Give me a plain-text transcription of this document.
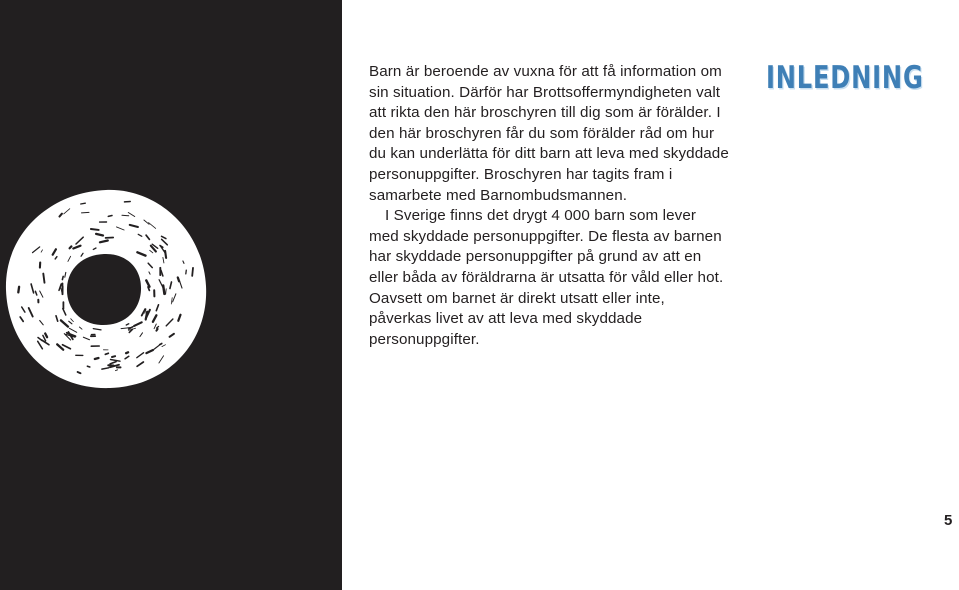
Barn är beroende av vuxna för att få information om sin situation. Därför har Brottsoffermyndigheten valt att rikta den här broschyren till dig som är förälder. I den här broschyren får du som förälder råd om hur du kan underlätta för ditt barn att leva med skyddade personuppgifter. Broschyren har tagits fram i samarbete med Barnombudsmannen.

I Sverige finns det drygt 4 000 barn som lever med skyddade personuppgifter. De flesta av barnen har skyddade personuppgifter på grund av att en eller båda av föräldrarna är utsatta för våld eller hot. Oavsett om barnet är direkt utsatt eller inte, påverkas livet av att leva med skyddade personuppgifter.

INLEDNING
5
